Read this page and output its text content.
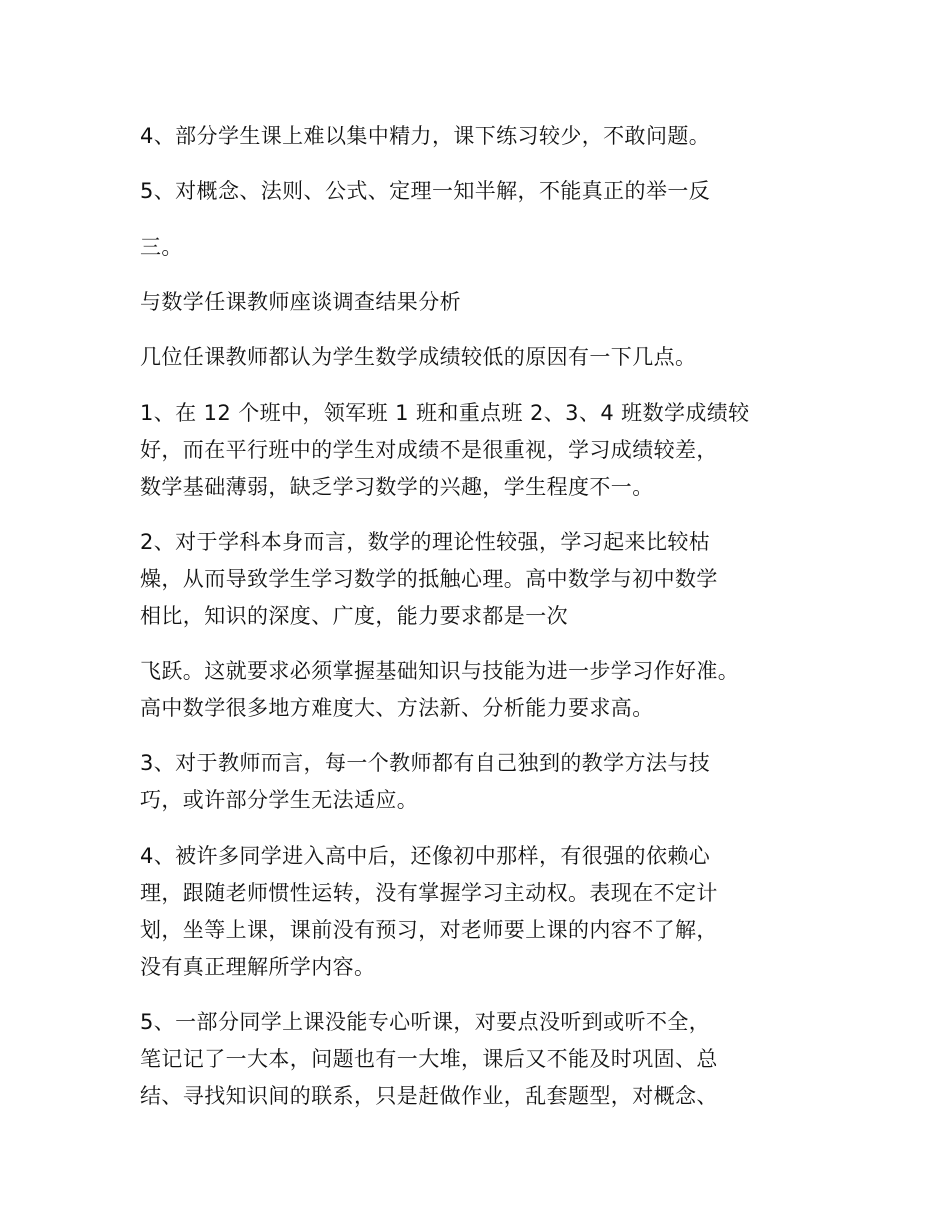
4、部分学生课上难以集中精力，课下练习较少，不敢问题。

5、对概念、法则、公式、定理一知半解，不能真正的举一反

三。

与数学任课教师座谈调查结果分析

几位任课教师都认为学生数学成绩较低的原因有一下几点。

1、在 12 个班中，领军班 1 班和重点班 2、3、4 班数学成绩较
好，而在平行班中的学生对成绩不是很重视，学习成绩较差，
数学基础薄弱，缺乏学习数学的兴趣，学生程度不一。

2、对于学科本身而言，数学的理论性较强，学习起来比较枯
燥，从而导致学生学习数学的抵触心理。高中数学与初中数学
相比，知识的深度、广度，能力要求都是一次

飞跃。这就要求必须掌握基础知识与技能为进一步学习作好准。
高中数学很多地方难度大、方法新、分析能力要求高。

3、对于教师而言，每一个教师都有自己独到的教学方法与技
巧，或许部分学生无法适应。

4、被许多同学进入高中后，还像初中那样，有很强的依赖心
理，跟随老师惯性运转，没有掌握学习主动权。表现在不定计
划，坐等上课，课前没有预习，对老师要上课的内容不了解，
没有真正理解所学内容。

5、一部分同学上课没能专心听课，对要点没听到或听不全，
笔记记了一大本，问题也有一大堆，课后又不能及时巩固、总
结、寻找知识间的联系，只是赶做作业，乱套题型，对概念、
